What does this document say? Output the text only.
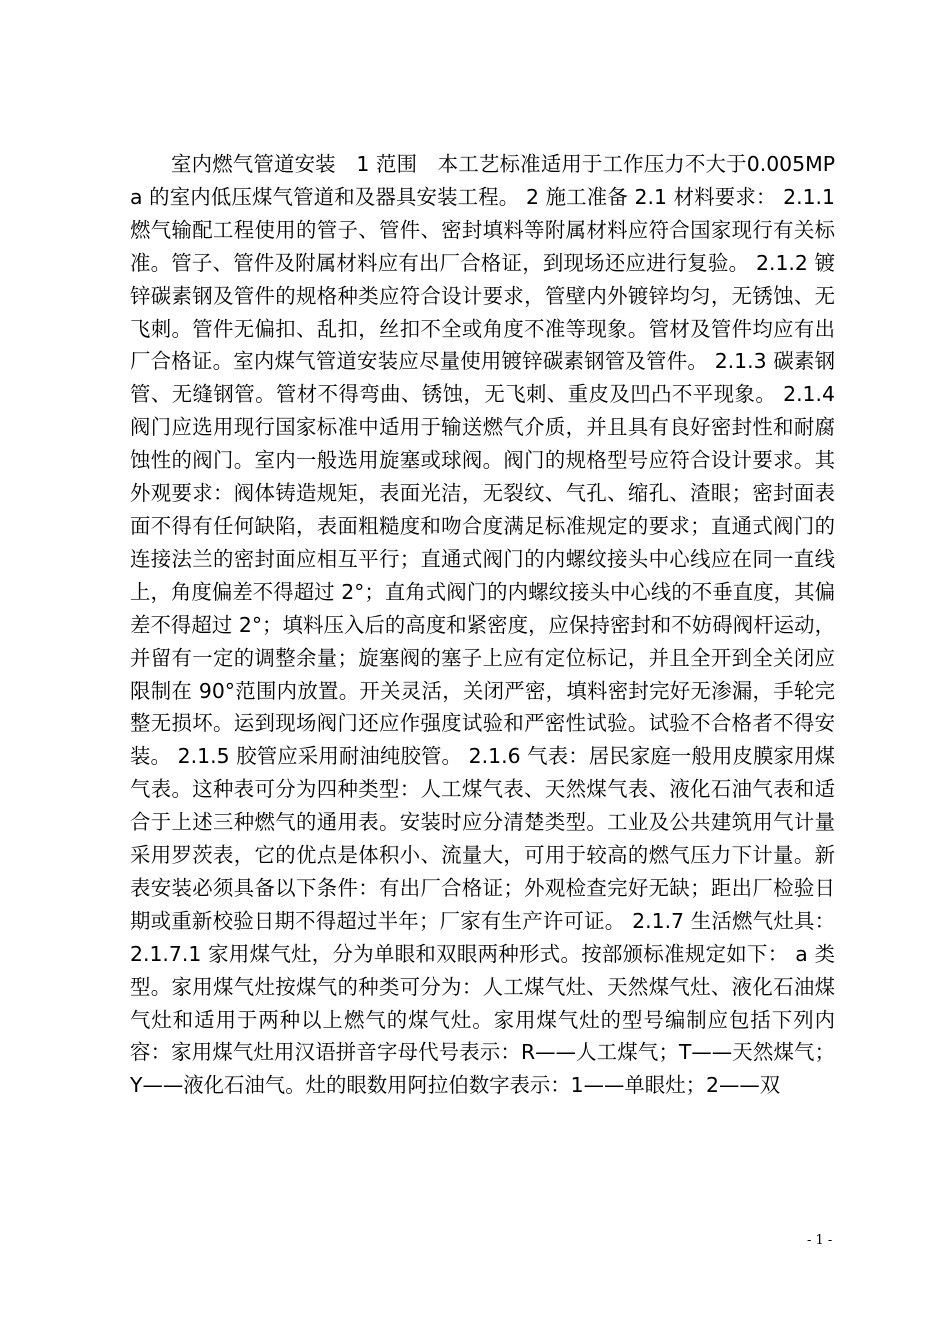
室内燃气管道安装　1 范围　本工艺标准适用于工作压力不大于0.005MPa 的室内低压煤气管道和及器具安装工程。 2 施工准备 2.1 材料要求： 2.1.1 燃气输配工程使用的管子、管件、密封填料等附属材料应符合国家现行有关标准。管子、管件及附属材料应有出厂合格证，到现场还应进行复验。 2.1.2 镀锌碳素钢及管件的规格种类应符合设计要求，管壁内外镀锌均匀，无锈蚀、无飞刺。管件无偏扣、乱扣，丝扣不全或角度不准等现象。管材及管件均应有出厂合格证。室内煤气管道安装应尽量使用镀锌碳素钢管及管件。 2.1.3 碳素钢管、无缝钢管。管材不得弯曲、锈蚀，无飞刺、重皮及凹凸不平现象。 2.1.4 阀门应选用现行国家标准中适用于输送燃气介质，并且具有良好密封性和耐腐蚀性的阀门。室内一般选用旋塞或球阀。阀门的规格型号应符合设计要求。其外观要求：阀体铸造规矩，表面光洁，无裂纹、气孔、缩孔、渣眼；密封面表面不得有任何缺陷，表面粗糙度和吻合度满足标准规定的要求；直通式阀门的连接法兰的密封面应相互平行；直通式阀门的内螺纹接头中心线应在同一直线上，角度偏差不得超过 2°；直角式阀门的内螺纹接头中心线的不垂直度，其偏差不得超过 2°；填料压入后的高度和紧密度，应保持密封和不妨碍阀杆运动，并留有一定的调整余量；旋塞阀的塞子上应有定位标记，并且全开到全关闭应限制在 90°范围内放置。开关灵活，关闭严密，填料密封完好无渗漏，手轮完整无损坏。运到现场阀门还应作强度试验和严密性试验。试验不合格者不得安装。 2.1.5 胶管应采用耐油纯胶管。 2.1.6 气表：居民家庭一般用皮膜家用煤气表。这种表可分为四种类型：人工煤气表、天然煤气表、液化石油气表和适合于上述三种燃气的通用表。安装时应分清楚类型。工业及公共建筑用气计量采用罗茨表，它的优点是体积小、流量大，可用于较高的燃气压力下计量。新表安装必须具备以下条件：有出厂合格证；外观检查完好无缺；距出厂检验日期或重新校验日期不得超过半年；厂家有生产许可证。 2.1.7 生活燃气灶具： 2.1.7.1 家用煤气灶，分为单眼和双眼两种形式。按部颁标准规定如下： a 类型。家用煤气灶按煤气的种类可分为：人工煤气灶、天然煤气灶、液化石油煤气灶和适用于两种以上燃气的煤气灶。家用煤气灶的型号编制应包括下列内容：家用煤气灶用汉语拼音字母代号表示：R——人工煤气；T——天然煤气；Y——液化石油气。灶的眼数用阿拉伯数字表示：1——单眼灶；2——双

- 1 -
